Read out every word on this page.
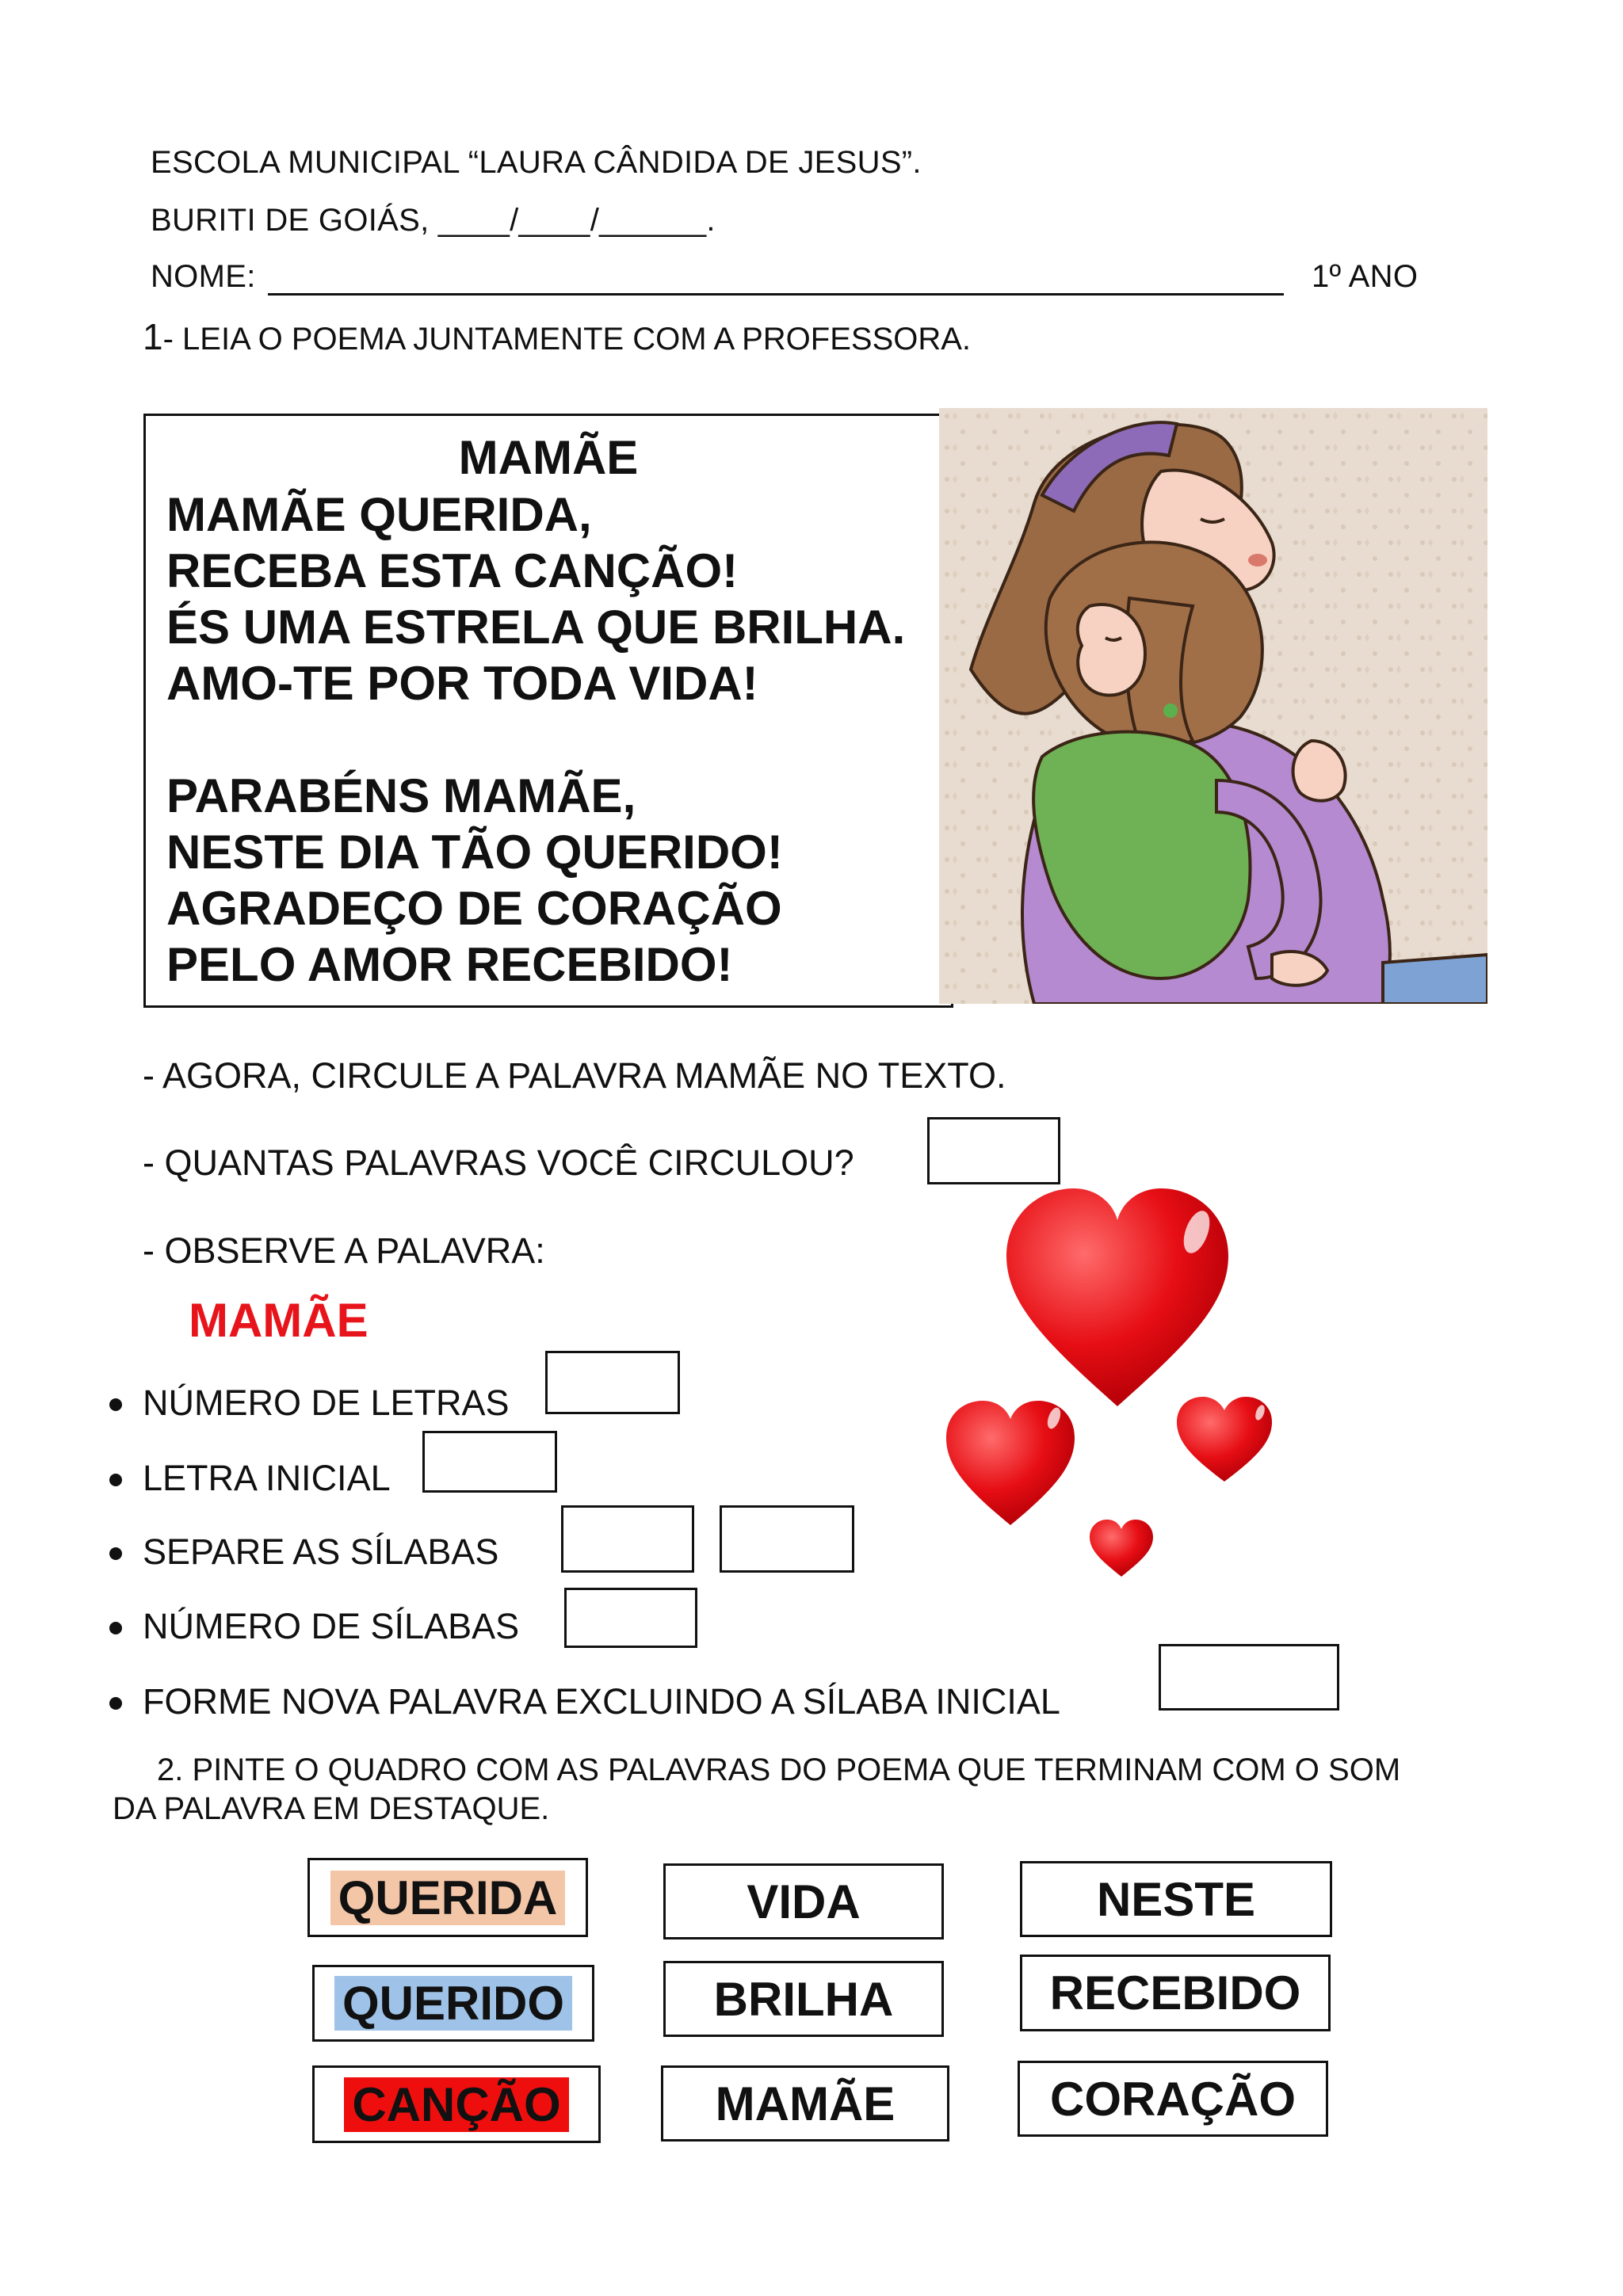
ESCOLA MUNICIPAL “LAURA CÂNDIDA DE JESUS”.
BURITI DE GOIÁS, ____/____/______.
NOME:	1º ANO
1- LEIA O POEMA JUNTAMENTE COM A PROFESSORA.
MAMÃE
MAMÃE QUERIDA,
RECEBA ESTA CANÇÃO!
ÉS UMA ESTRELA QUE BRILHA.
AMO-TE POR TODA VIDA!
PARABÉNS MAMÃE,
NESTE DIA TÃO QUERIDO!
AGRADEÇO DE CORAÇÃO
PELO AMOR RECEBIDO!
- AGORA, CIRCULE A PALAVRA MAMÃE NO TEXTO.
- QUANTAS PALAVRAS VOCÊ CIRCULOU?
- OBSERVE A PALAVRA:
MAMÃE
NÚMERO DE LETRAS
LETRA INICIAL
SEPARE AS SÍLABAS
NÚMERO DE SÍLABAS
FORME NOVA PALAVRA EXCLUINDO A SÍLABA INICIAL
2. PINTE O QUADRO COM AS PALAVRAS DO POEMA QUE TERMINAM COM O SOM
DA PALAVRA EM DESTAQUE.
QUERIDA	VIDA	NESTE
QUERIDO	BRILHA	RECEBIDO
CANÇÃO	MAMÃE	CORAÇÃO
